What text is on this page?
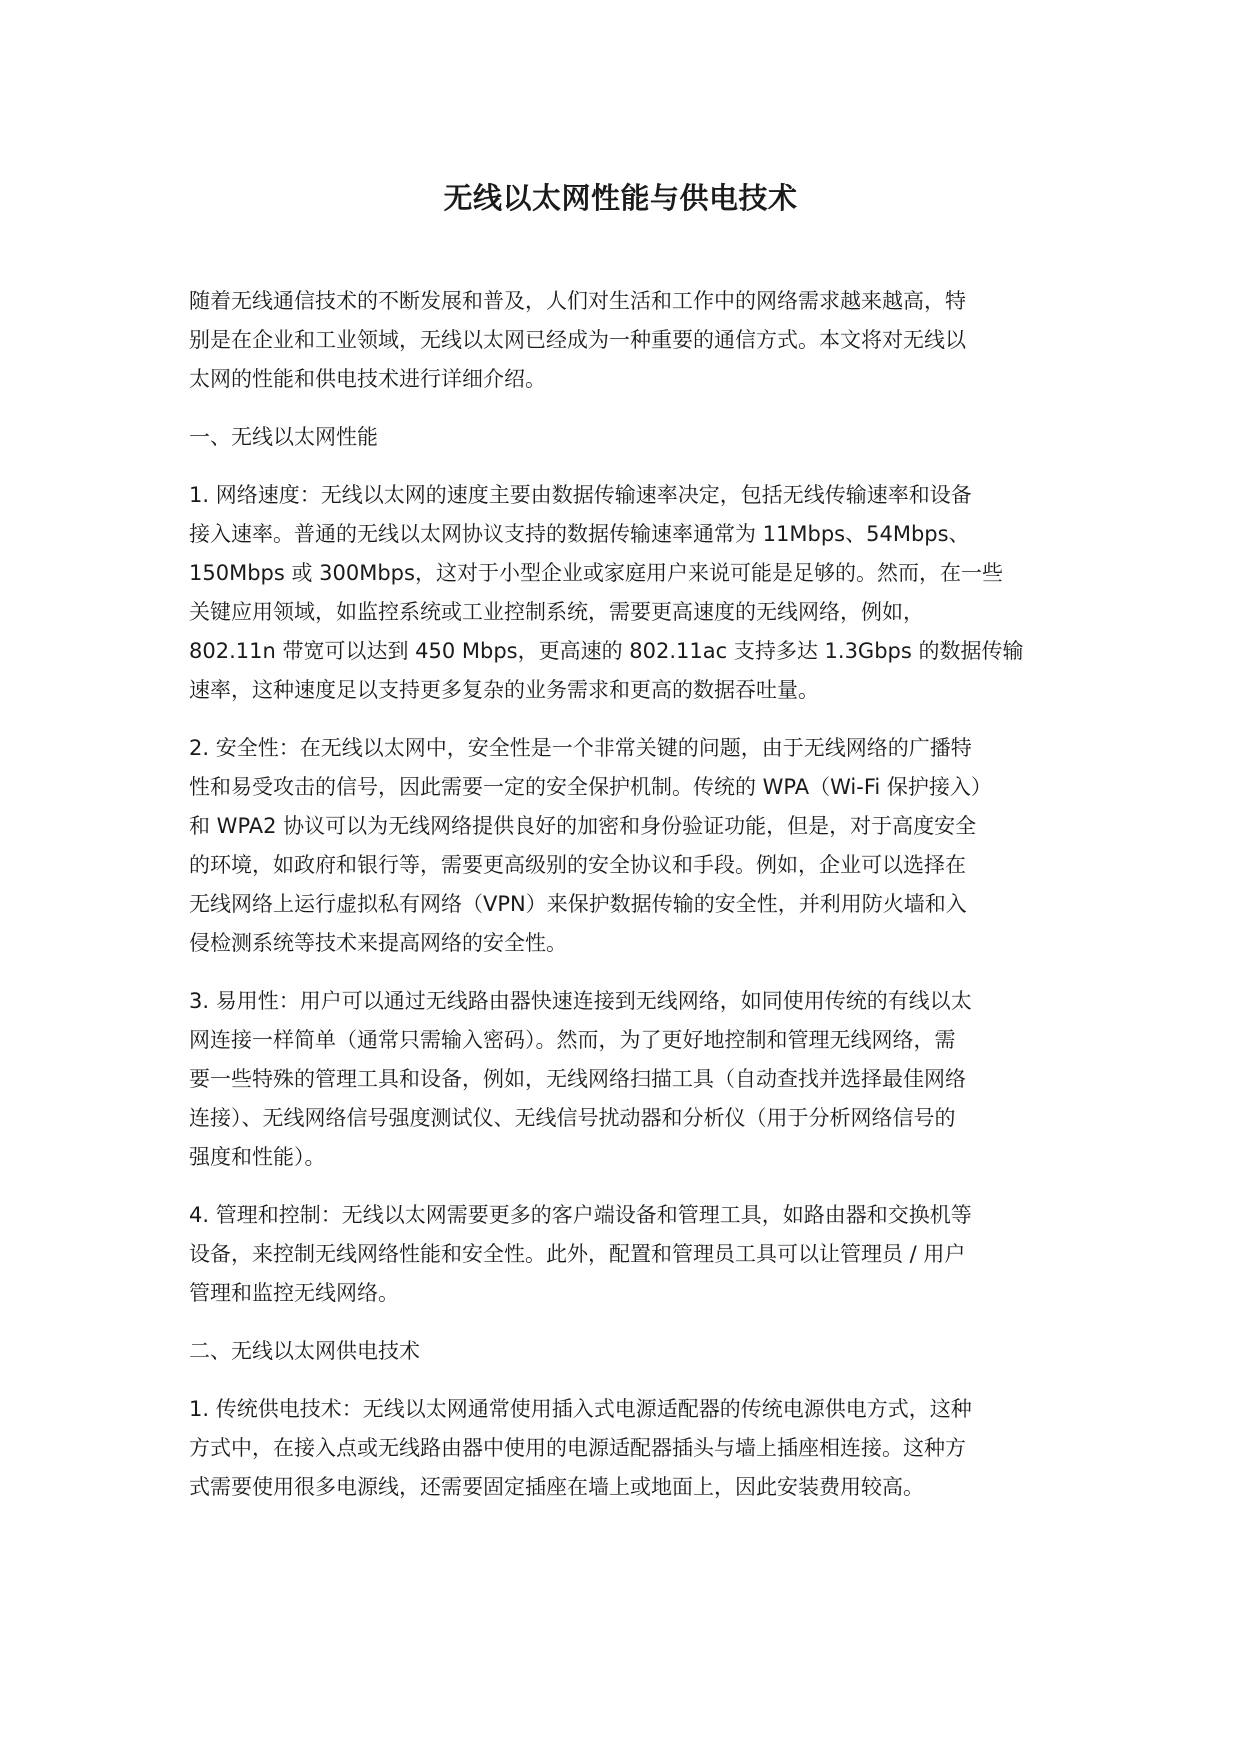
无线以太网性能与供电技术

随着无线通信技术的不断发展和普及，人们对生活和工作中的网络需求越来越高，特
别是在企业和工业领域，无线以太网已经成为一种重要的通信方式。本文将对无线以
太网的性能和供电技术进行详细介绍。

一、无线以太网性能

1. 网络速度：无线以太网的速度主要由数据传输速率决定，包括无线传输速率和设备
接入速率。普通的无线以太网协议支持的数据传输速率通常为 11Mbps、54Mbps、
150Mbps 或 300Mbps，这对于小型企业或家庭用户来说可能是足够的。然而，在一些
关键应用领域，如监控系统或工业控制系统，需要更高速度的无线网络，例如，
802.11n 带宽可以达到 450 Mbps，更高速的 802.11ac 支持多达 1.3Gbps 的数据传输
速率，这种速度足以支持更多复杂的业务需求和更高的数据吞吐量。

2. 安全性：在无线以太网中，安全性是一个非常关键的问题，由于无线网络的广播特
性和易受攻击的信号，因此需要一定的安全保护机制。传统的 WPA（Wi-Fi 保护接入）
和 WPA2 协议可以为无线网络提供良好的加密和身份验证功能，但是，对于高度安全
的环境，如政府和银行等，需要更高级别的安全协议和手段。例如，企业可以选择在
无线网络上运行虚拟私有网络（VPN）来保护数据传输的安全性，并利用防火墙和入
侵检测系统等技术来提高网络的安全性。

3. 易用性：用户可以通过无线路由器快速连接到无线网络，如同使用传统的有线以太
网连接一样简单（通常只需输入密码）。然而，为了更好地控制和管理无线网络，需
要一些特殊的管理工具和设备，例如，无线网络扫描工具（自动查找并选择最佳网络
连接）、无线网络信号强度测试仪、无线信号扰动器和分析仪（用于分析网络信号的
强度和性能）。

4. 管理和控制：无线以太网需要更多的客户端设备和管理工具，如路由器和交换机等
设备，来控制无线网络性能和安全性。此外，配置和管理员工具可以让管理员 / 用户
管理和监控无线网络。

二、无线以太网供电技术

1. 传统供电技术：无线以太网通常使用插入式电源适配器的传统电源供电方式，这种
方式中，在接入点或无线路由器中使用的电源适配器插头与墙上插座相连接。这种方
式需要使用很多电源线，还需要固定插座在墙上或地面上，因此安装费用较高。
